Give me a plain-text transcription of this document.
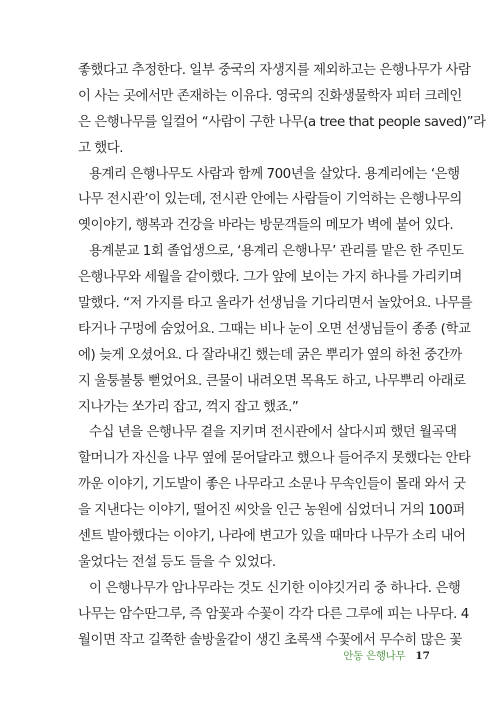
좋했다고 추정한다. 일부 중국의 자생지를 제외하고는 은행나무가 사람
이 사는 곳에서만 존재하는 이유다. 영국의 진화생물학자 피터 크레인
은 은행나무를 일컬어 “사람이 구한 나무(a tree that people saved)”라
고 했다.
용계리 은행나무도 사람과 함께 700년을 살았다. 용계리에는 ‘은행
나무 전시관’이 있는데, 전시관 안에는 사람들이 기억하는 은행나무의
옛이야기, 행복과 건강을 바라는 방문객들의 메모가 벽에 붙어 있다.
용계분교 1회 졸업생으로, ‘용계리 은행나무’ 관리를 맡은 한 주민도
은행나무와 세월을 같이했다. 그가 앞에 보이는 가지 하나를 가리키며
말했다. “저 가지를 타고 올라가 선생님을 기다리면서 놀았어요. 나무를
타거나 구멍에 숨었어요. 그때는 비나 눈이 오면 선생님들이 종종 (학교
에) 늦게 오셨어요. 다 잘라내긴 했는데 굵은 뿌리가 옆의 하천 중간까
지 울퉁불퉁 뻗었어요. 큰물이 내려오면 목욕도 하고, 나무뿌리 아래로
지나가는 쏘가리 잡고, 꺽지 잡고 했죠.”
수십 년을 은행나무 곁을 지키며 전시관에서 살다시피 했던 월곡댁
할머니가 자신을 나무 옆에 묻어달라고 했으나 들어주지 못했다는 안타
까운 이야기, 기도발이 좋은 나무라고 소문나 무속인들이 몰래 와서 굿
을 지낸다는 이야기, 떨어진 씨앗을 인근 농원에 심었더니 거의 100퍼
센트 발아했다는 이야기, 나라에 변고가 있을 때마다 나무가 소리 내어
울었다는 전설 등도 들을 수 있었다.
이 은행나무가 암나무라는 것도 신기한 이야깃거리 중 하나다. 은행
나무는 암수딴그루, 즉 암꽃과 수꽃이 각각 다른 그루에 피는 나무다. 4
월이면 작고 길쭉한 솔방울같이 생긴 초록색 수꽃에서 무수히 많은 꽃
안동 은행나무 17
